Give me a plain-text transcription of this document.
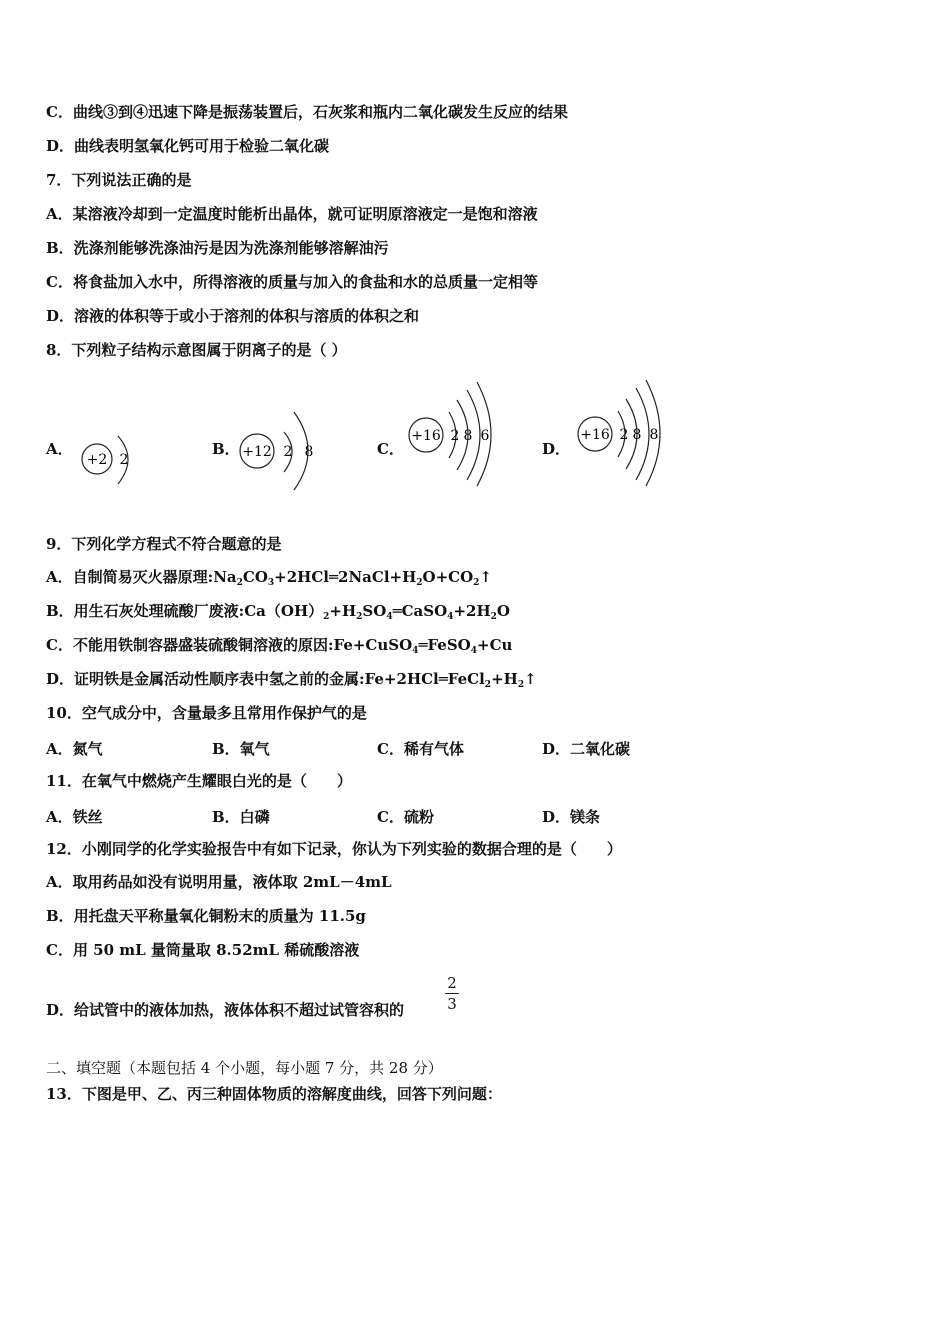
C．曲线③到④迅速下降是振荡装置后，石灰浆和瓶内二氧化碳发生反应的结果
D．曲线表明氢氧化钙可用于检验二氧化碳
7．下列说法正确的是
A．某溶液冷却到一定温度时能析出晶体，就可证明原溶液定一是饱和溶液
B．洗涤剂能够洗涤油污是因为洗涤剂能够溶解油污
C．将食盐加入水中，所得溶液的质量与加入的食盐和水的总质量一定相等
D．溶液的体积等于或小于溶剂的体积与溶质的体积之和
8．下列粒子结构示意图属于阴离子的是（ ）
A．
+2 2
B． +12 2 8	C．
+16 2 8 6
D．
+16 2 8 8
9．下列化学方程式不符合题意的是
A．自制简易灭火器原理$:Na_2CO_3+2HCl═2NaCl+H_2O+CO_2↑$
B．用生石灰处理硫酸厂废液$:Ca(OH)_2+H_2SO_4═CaSO_4+2H_2O$
C．不能用铁制容器盛装硫酸铜溶液的原因:Fe+CuSO$_4$═FeSO$_4$+Cu
D．证明铁是金属活动性顺序表中氢之前的金属$:Fe+2HCl═FeCl_2+H_2↑$
10．空气成分中，含量最多且常用作保护气的是
A．氮气	B．氧气	C．稀有气体	D．二氧化碳
11．在氧气中燃烧产生耀眼白光的是（　　）
A．铁丝	B．白磷	C．硫粉	D．镁条
12．小刚同学的化学实验报告中有如下记录，你认为下列实验的数据合理的是（　　）
A．取用药品如没有说明用量，液体取 2mL－4mL
B．用托盘天平称量氧化铜粉末的质量为 11.5g
C．用 50 mL 量筒量取 8.52mL 稀硫酸溶液
D．给试管中的液体加热，液体体积不超过试管容积的
2
3
二、填空题（本题包括 4 个小题，每小题 7 分，共 28 分）
13．下图是甲、乙、丙三种固体物质的溶解度曲线，回答下列问题：
